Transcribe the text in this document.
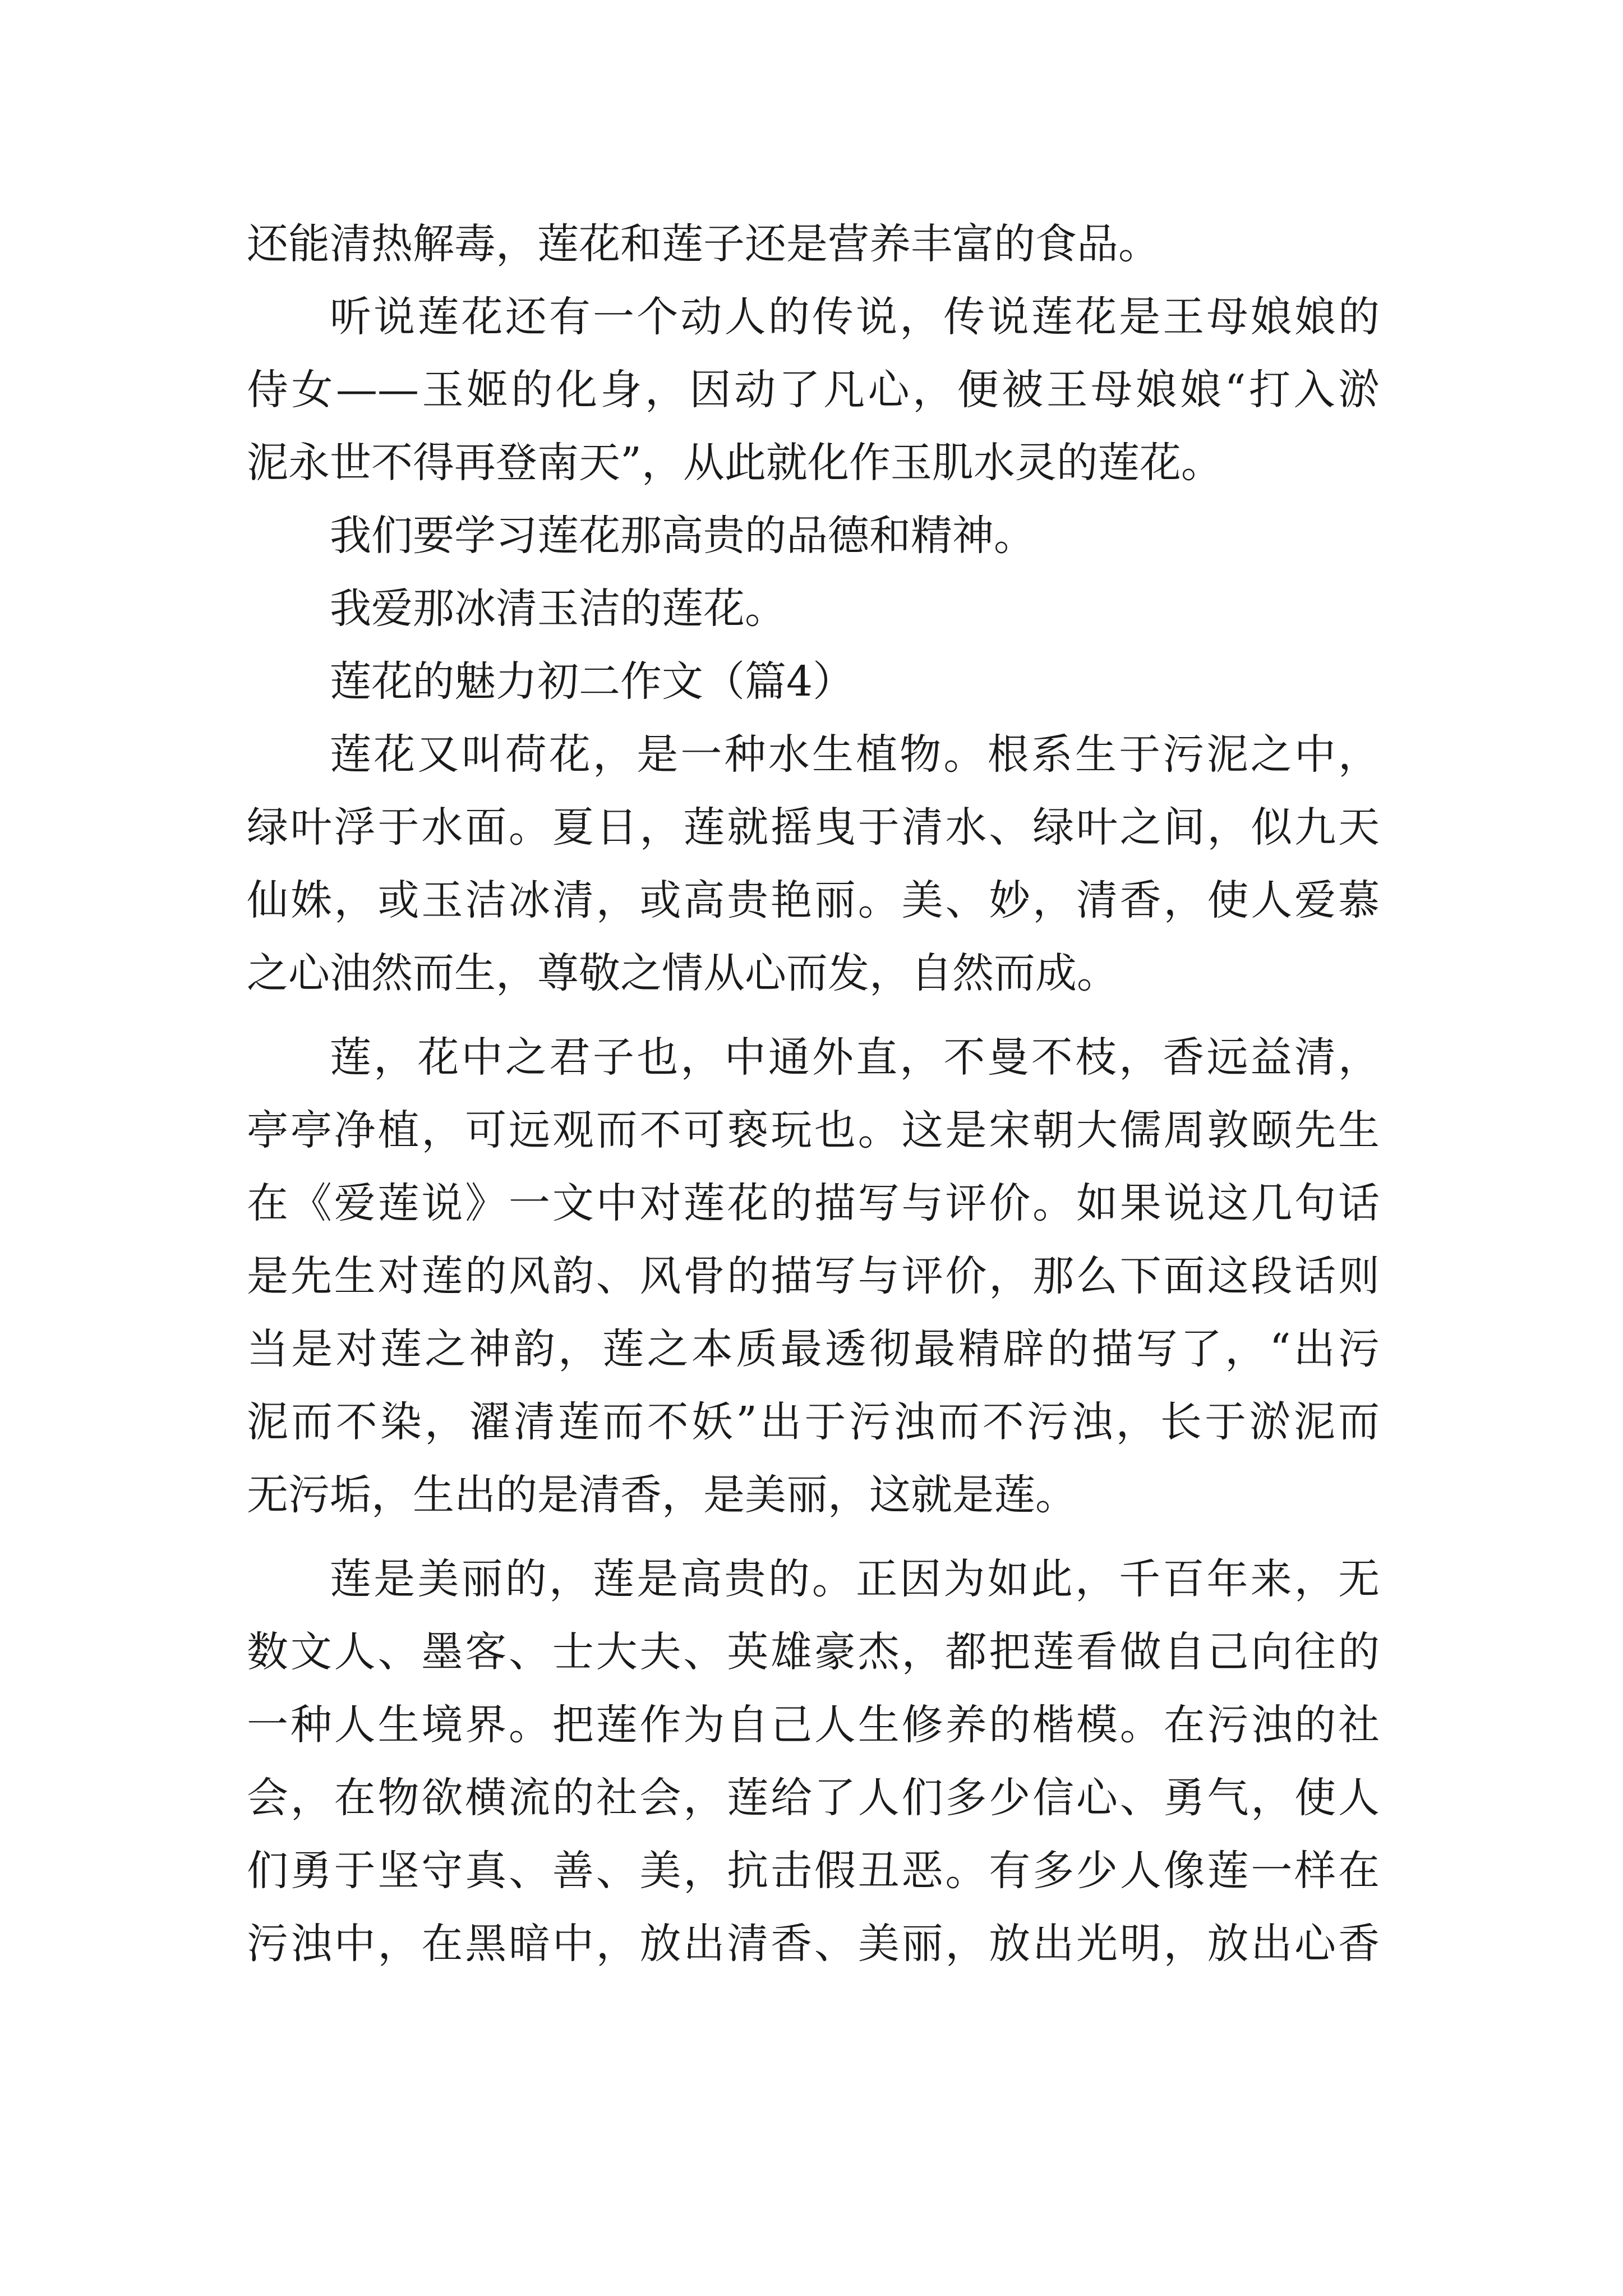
还能清热解毒，莲花和莲子还是营养丰富的食品。
听说莲花还有一个动人的传说，传说莲花是王母娘娘的
侍女——玉姬的化身，因动了凡心，便被王母娘娘“打入淤
泥永世不得再登南天”，从此就化作玉肌水灵的莲花。
我们要学习莲花那高贵的品德和精神。
我爱那冰清玉洁的莲花。
莲花的魅力初二作文（篇4）
莲花又叫荷花，是一种水生植物。根系生于污泥之中，
绿叶浮于水面。夏日，莲就摇曳于清水、绿叶之间，似九天
仙姝，或玉洁冰清，或高贵艳丽。美、妙，清香，使人爱慕
之心油然而生，尊敬之情从心而发，自然而成。
莲，花中之君子也，中通外直，不曼不枝，香远益清，
亭亭净植，可远观而不可亵玩也。这是宋朝大儒周敦颐先生
在《爱莲说》一文中对莲花的描写与评价。如果说这几句话
是先生对莲的风韵、风骨的描写与评价，那么下面这段话则
当是对莲之神韵，莲之本质最透彻最精辟的描写了，“出污
泥而不染，濯清莲而不妖”出于污浊而不污浊，长于淤泥而
无污垢，生出的是清香，是美丽，这就是莲。
莲是美丽的，莲是高贵的。正因为如此，千百年来，无
数文人、墨客、士大夫、英雄豪杰，都把莲看做自己向往的
一种人生境界。把莲作为自己人生修养的楷模。在污浊的社
会，在物欲横流的社会，莲给了人们多少信心、勇气，使人
们勇于坚守真、善、美，抗击假丑恶。有多少人像莲一样在
污浊中，在黑暗中，放出清香、美丽，放出光明，放出心香
